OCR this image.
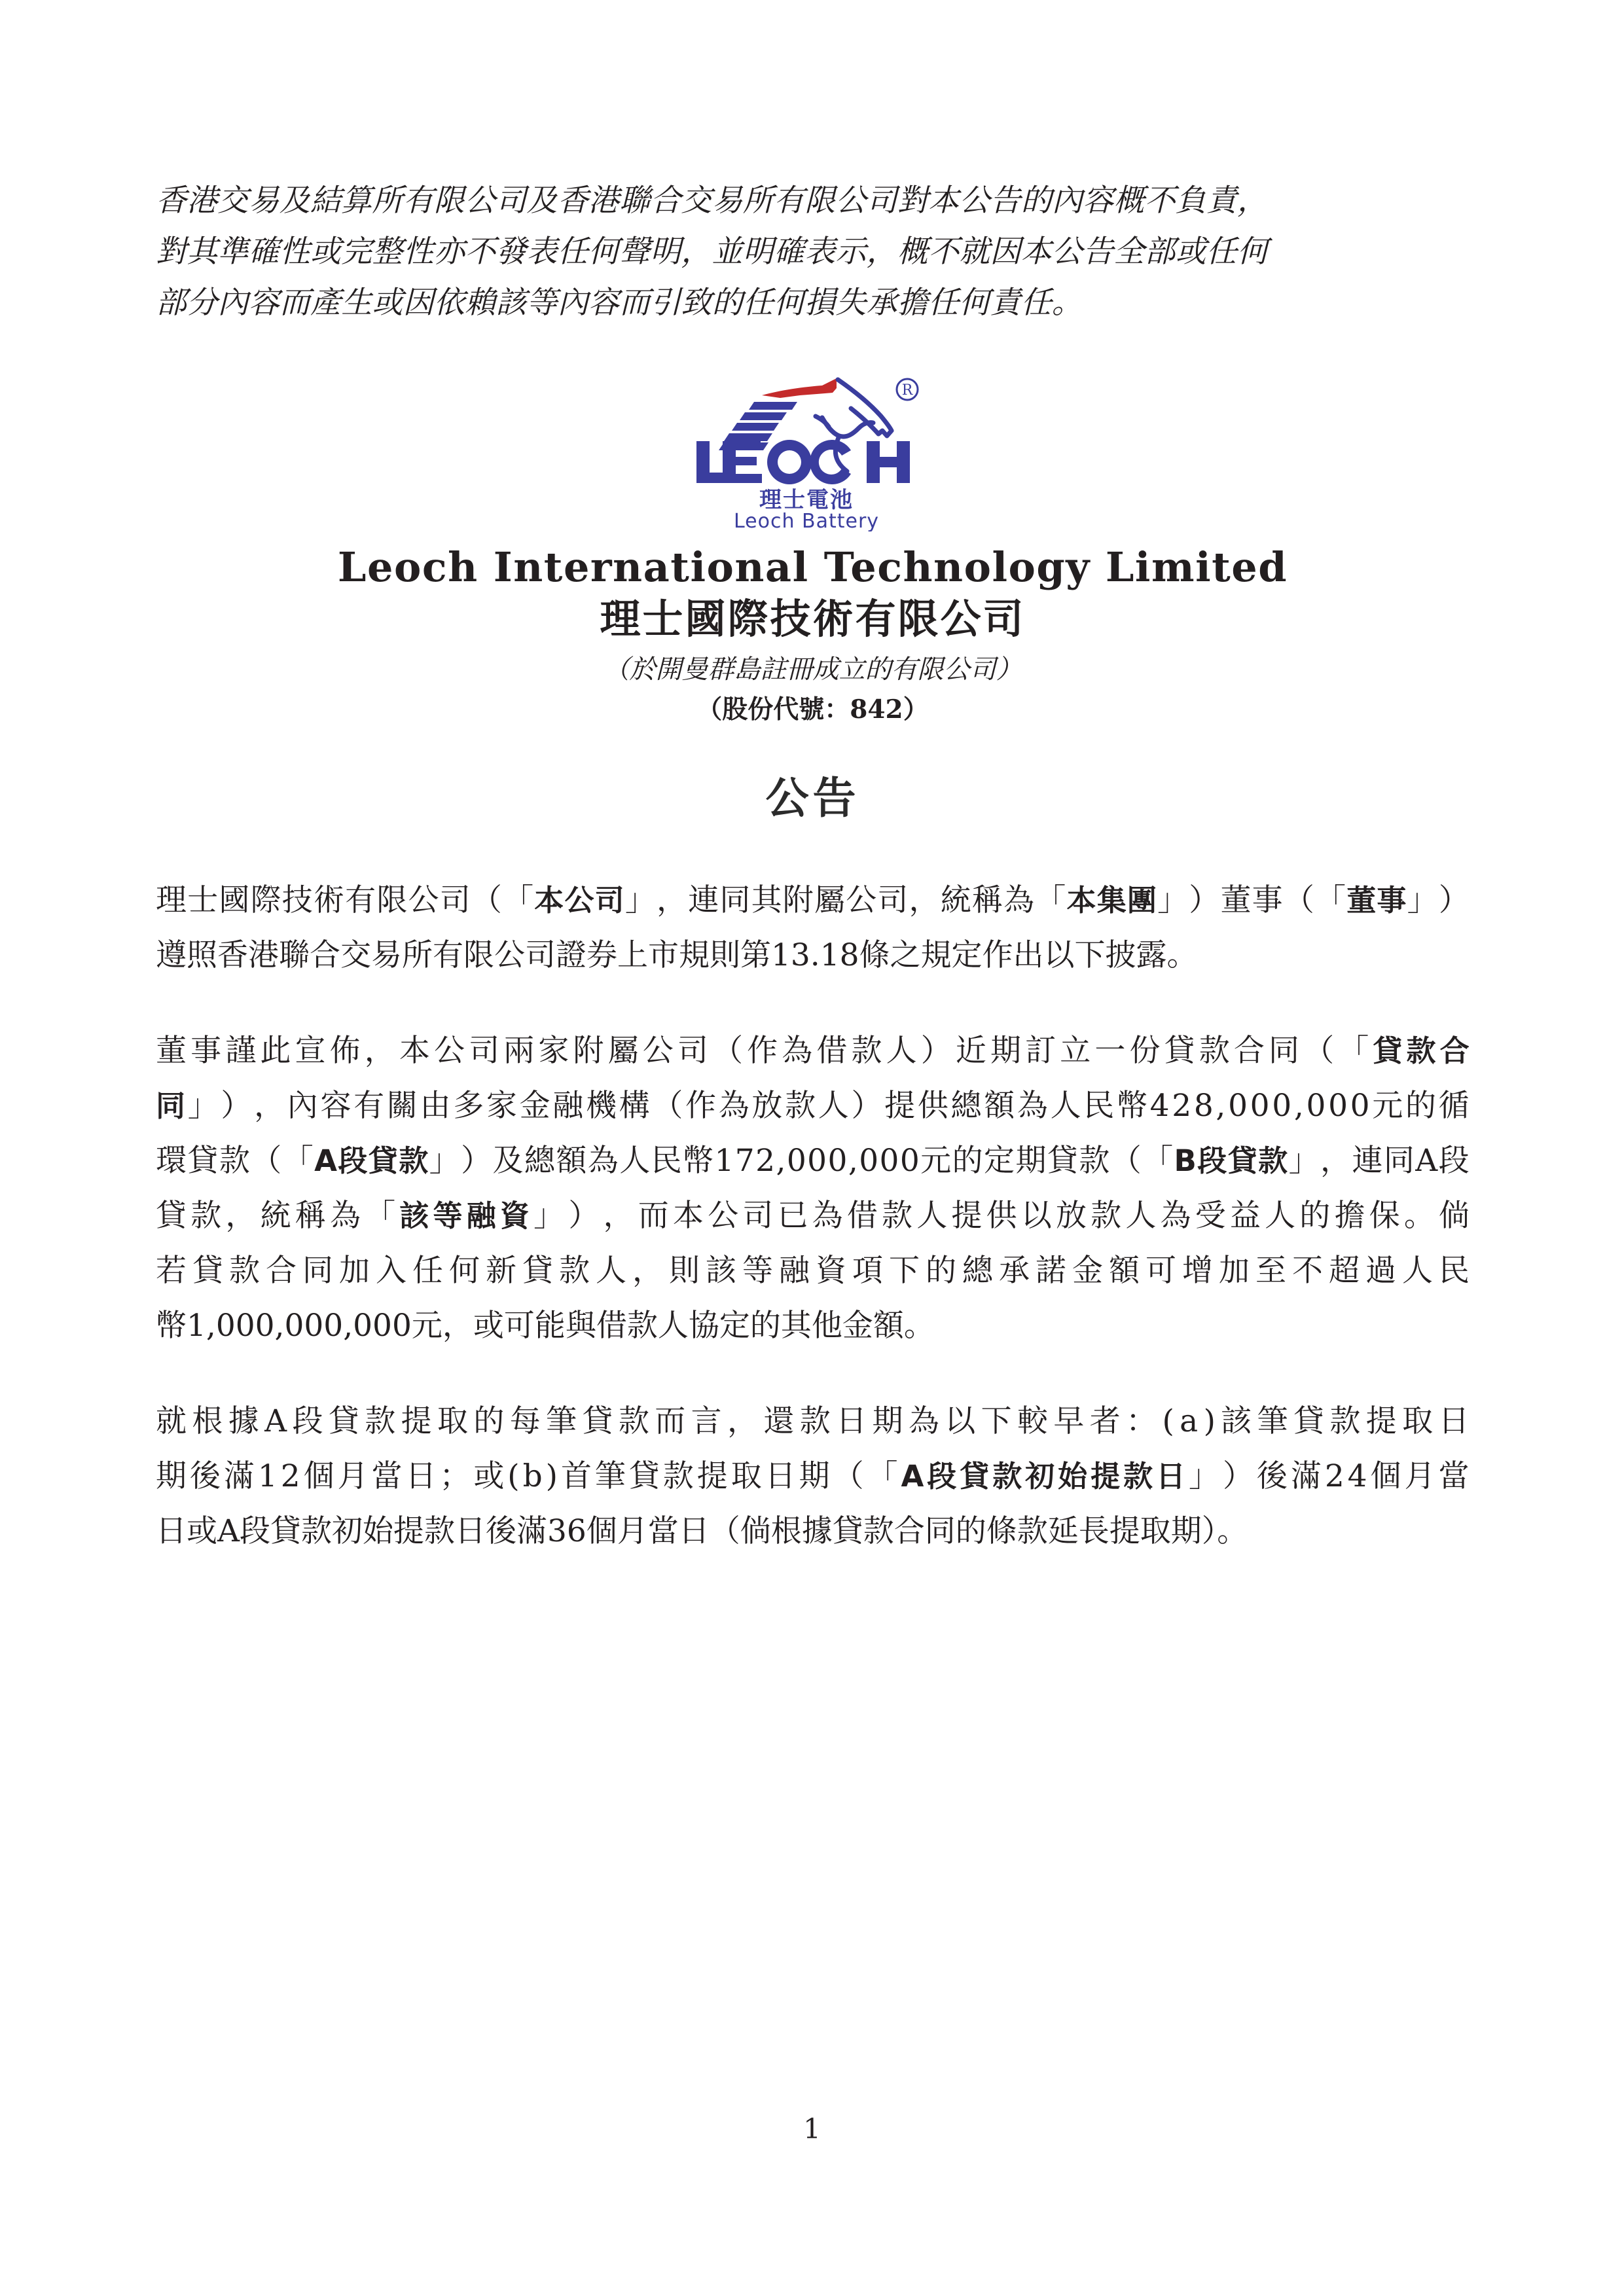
香港交易及結算所有限公司及香港聯合交易所有限公司對本公告的內容概不負責，
對其準確性或完整性亦不發表任何聲明，並明確表示，概不就因本公告全部或任何
部分內容而產生或因依賴該等內容而引致的任何損失承擔任何責任。
R
理士電池
Leoch Battery
Leoch International Technology Limited
理士國際技術有限公司
（於開曼群島註冊成立的有限公司）
（股份代號：842）
公告
理 士 國 際 技 術 有 限 公 司 （ 「 本 公 司 」 ， 連 同 其 附 屬 公 司 ， 統 稱 為 「 本 集 團 」 ） 董 事 （ 「 董 事 」 ）
遵照香港聯合交易所有限公司證券上市規則第13.18條之規定作出以下披露。
董 事 謹 此 宣 佈 ， 本 公 司 兩 家 附 屬 公 司 （ 作 為 借 款 人 ） 近 期 訂 立 一 份 貸 款 合 同 （ 「 貸 款 合
同 」 ） ， 內 容 有 關 由 多 家 金 融 機 構 （ 作 為 放 款 人 ） 提 供 總 額 為 人 民 幣 4 2 8 , 0 0 0 , 0 0 0 元 的 循
環 貸 款 （ 「 A 段 貸 款 」 ） 及 總 額 為 人 民 幣 1 7 2 , 0 0 0 , 0 0 0 元 的 定 期 貸 款 （ 「 B 段 貸 款 」 ， 連 同 A 段
貸 款 ， 統 稱 為 「 該 等 融 資 」 ） ， 而 本 公 司 已 為 借 款 人 提 供 以 放 款 人 為 受 益 人 的 擔 保 。 倘
若 貸 款 合 同 加 入 任 何 新 貸 款 人 ， 則 該 等 融 資 項 下 的 總 承 諾 金 額 可 增 加 至 不 超 過 人 民
幣1,000,000,000元，或可能與借款人協定的其他金額。
就 根 據 A 段 貸 款 提 取 的 每 筆 貸 款 而 言 ， 還 款 日 期 為 以 下 較 早 者 ： ( a ) 該 筆 貸 款 提 取 日
期 後 滿 1 2 個 月 當 日 ； 或 ( b ) 首 筆 貸 款 提 取 日 期 （ 「 A 段 貸 款 初 始 提 款 日 」 ） 後 滿 2 4 個 月 當
日或A段貸款初始提款日後滿36個月當日（倘根據貸款合同的條款延長提取期）。
1
